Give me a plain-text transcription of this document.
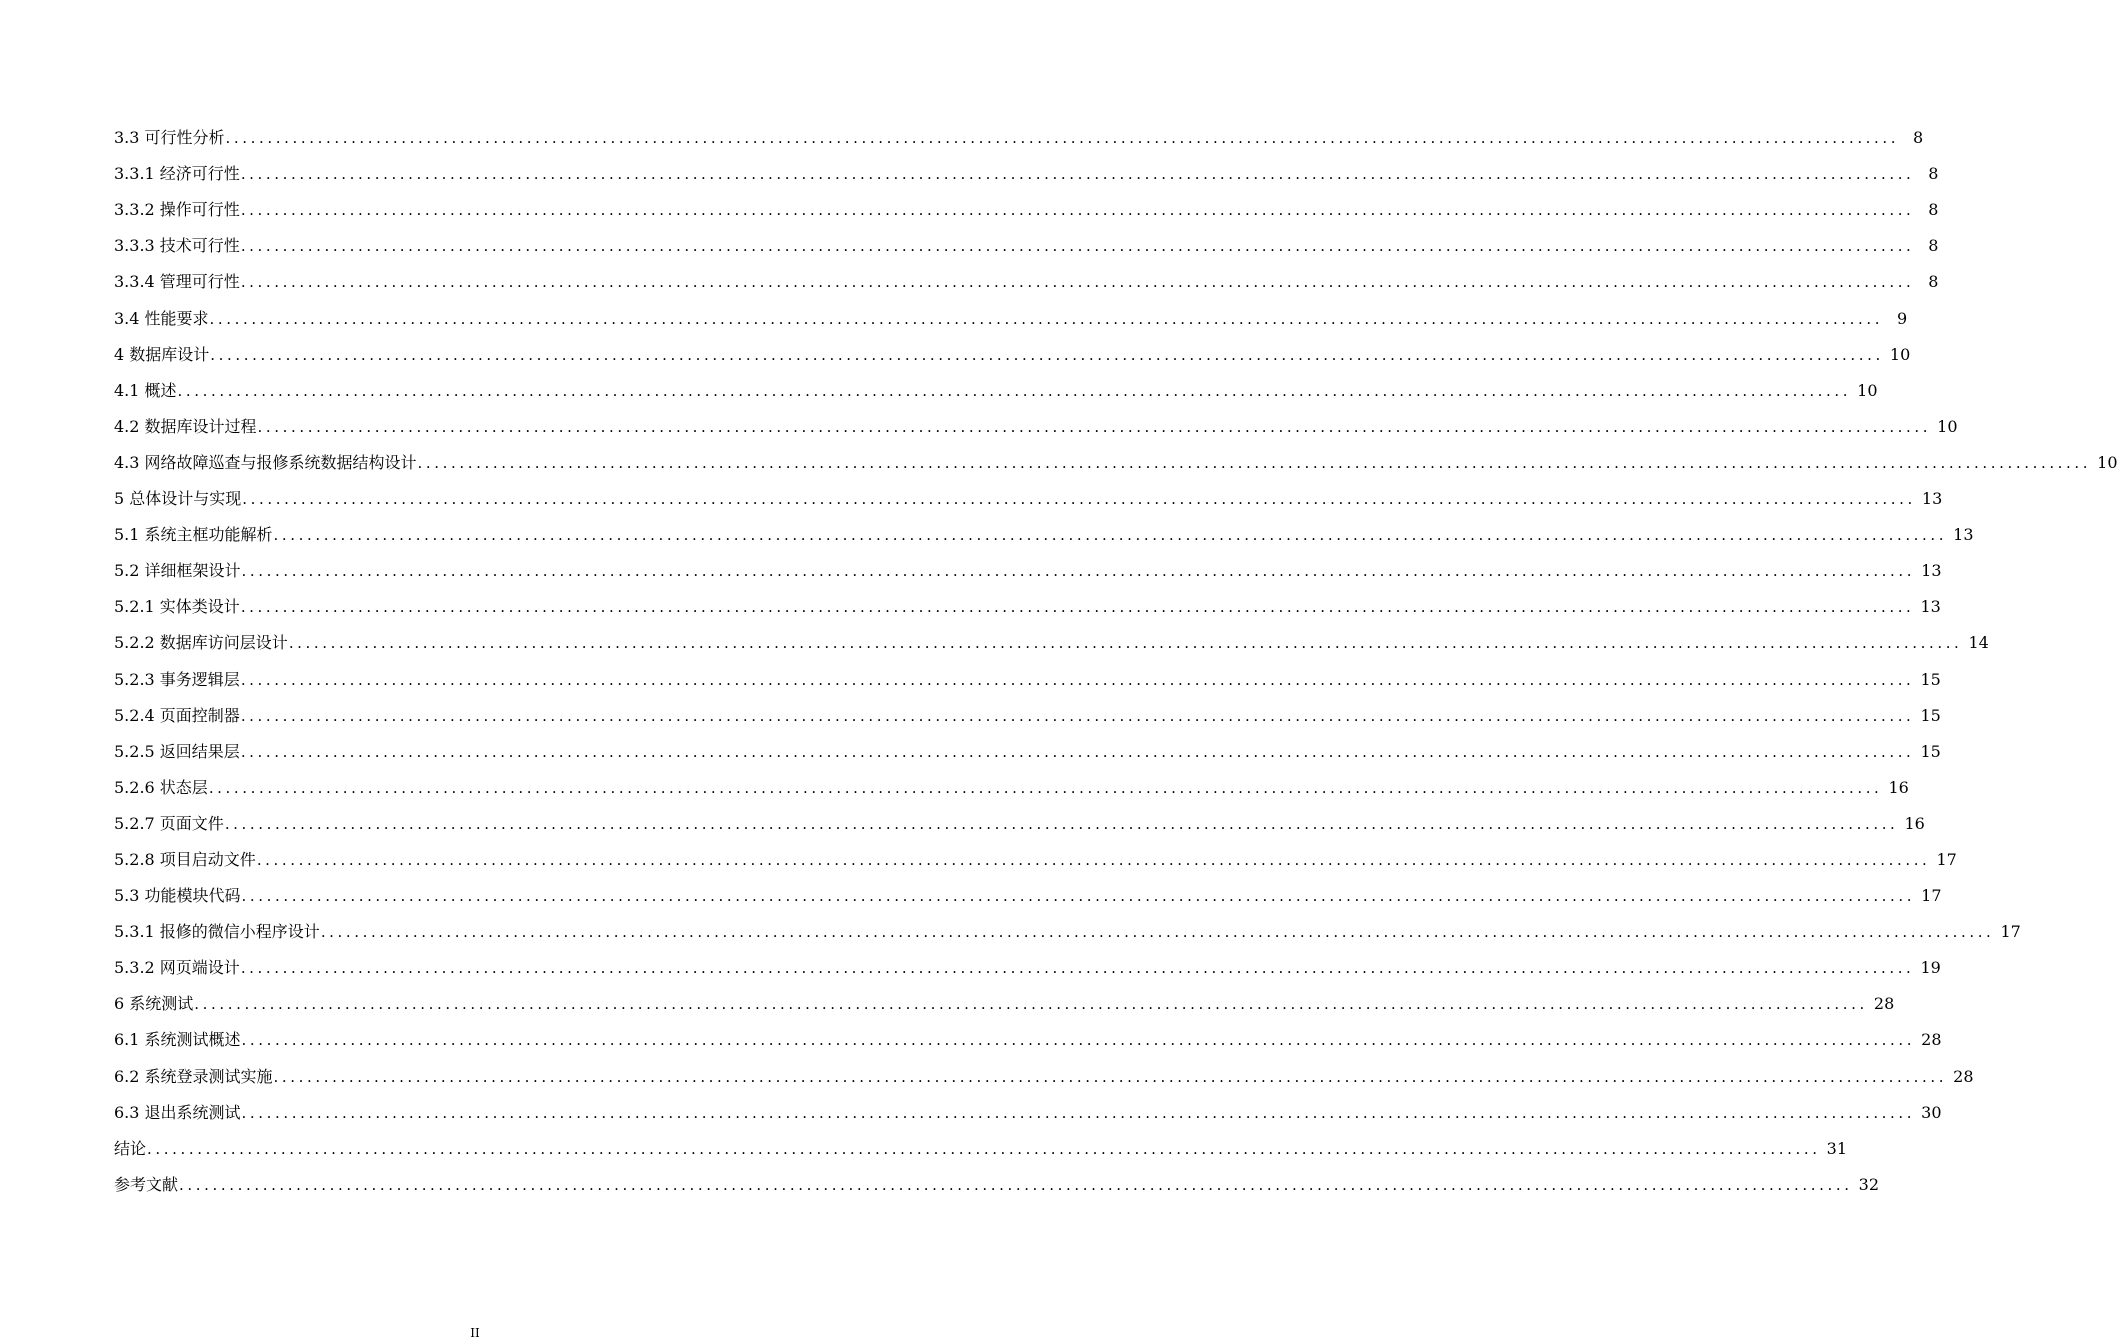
3.3 可行性分析 ........................................................................................................................................................................................................ 8
3.3.1 经济可行性 ........................................................................................................................................................................................................ 8
3.3.2 操作可行性 ........................................................................................................................................................................................................ 8
3.3.3 技术可行性 ........................................................................................................................................................................................................ 8
3.3.4 管理可行性 ........................................................................................................................................................................................................ 8
3.4 性能要求 ........................................................................................................................................................................................................ 9
4 数据库设计 ........................................................................................................................................................................................................ 10
4.1 概述 ........................................................................................................................................................................................................ 10
4.2 数据库设计过程 ........................................................................................................................................................................................................ 10
4.3 网络故障巡查与报修系统数据结构设计 ........................................................................................................................................................................................................ 10
5 总体设计与实现 ........................................................................................................................................................................................................ 13
5.1 系统主框功能解析 ........................................................................................................................................................................................................ 13
5.2 详细框架设计 ........................................................................................................................................................................................................ 13
5.2.1 实体类设计 ........................................................................................................................................................................................................ 13
5.2.2 数据库访问层设计 ........................................................................................................................................................................................................ 14
5.2.3 事务逻辑层 ........................................................................................................................................................................................................ 15
5.2.4 页面控制器 ........................................................................................................................................................................................................ 15
5.2.5 返回结果层 ........................................................................................................................................................................................................ 15
5.2.6 状态层 ........................................................................................................................................................................................................ 16
5.2.7 页面文件 ........................................................................................................................................................................................................ 16
5.2.8 项目启动文件 ........................................................................................................................................................................................................ 17
5.3 功能模块代码 ........................................................................................................................................................................................................ 17
5.3.1 报修的微信小程序设计 ........................................................................................................................................................................................................ 17
5.3.2 网页端设计 ........................................................................................................................................................................................................ 19
6 系统测试 ........................................................................................................................................................................................................ 28
6.1 系统测试概述 ........................................................................................................................................................................................................ 28
6.2 系统登录测试实施 ........................................................................................................................................................................................................ 28
6.3 退出系统测试 ........................................................................................................................................................................................................ 30
结论 ........................................................................................................................................................................................................ 31
参考文献 ........................................................................................................................................................................................................ 32
II
